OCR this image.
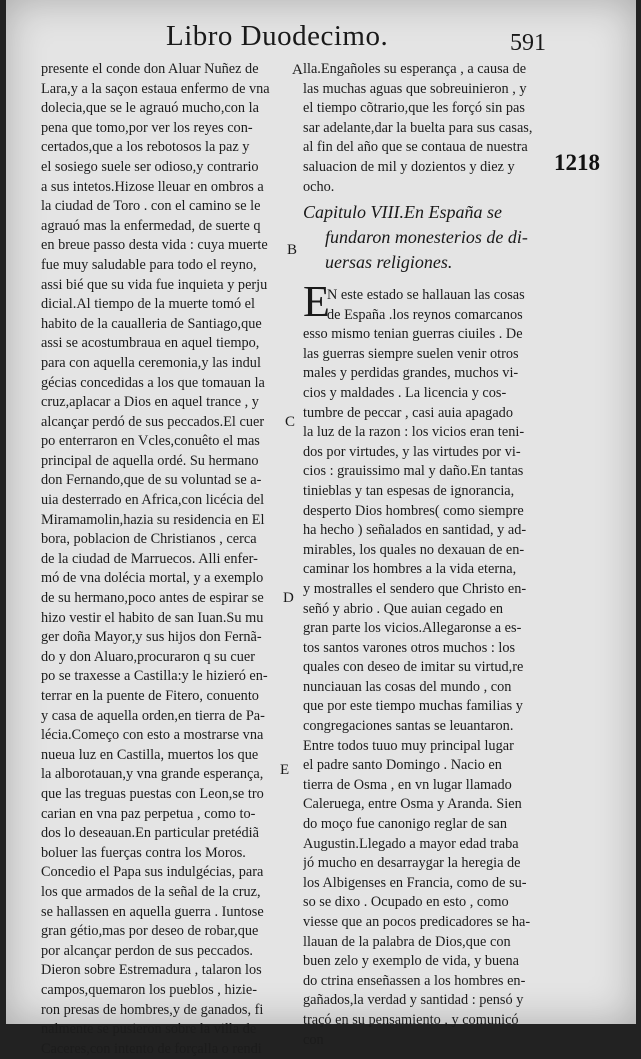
Libro Duodecimo.	591
1218
A
B
C
D
E
presente el conde don Aluar Nuñez de
Lara,y a la saçon estaua enfermo de vna
dolecia,que se le agrauó mucho,con la
pena que tomo,por ver los reyes con-
certados,que a los rebotosos la paz y
el sosiego suele ser odioso,y contrario
a sus intetos.Hizose lleuar en ombros a
la ciudad de Toro . con el camino se le
agrauó mas la enfermedad, de suerte q
en breue passo desta vida : cuya muerte
fue muy saludable para todo el reyno,
assi bié que su vida fue inquieta y perju
dicial.Al tiempo de la muerte tomó el
habito de la caualleria de Santiago,que
assi se acostumbraua en aquel tiempo,
para con aquella ceremonia,y las indul
gécias concedidas a los que tomauan la
cruz,aplacar a Dios en aquel trance , y
alcançar perdó de sus peccados.El cuer
po enterraron en Vcles,conuêto el mas
principal de aquella ordé. Su hermano
don Fernando,que de su voluntad se a-
uia desterrado en Africa,con licécia del
Miramamolin,hazia su residencia en El
bora, poblacion de Christianos , cerca
de la ciudad de Marruecos. Alli enfer-
mó de vna dolécia mortal, y a exemplo
de su hermano,poco antes de espirar se
hizo vestir el habito de san Iuan.Su mu
ger doña Mayor,y sus hijos don Fernã-
do y don Aluaro,procuraron q su cuer
po se traxesse a Castilla:y le hizieró en-
terrar en la puente de Fitero, conuento
y casa de aquella orden,en tierra de Pa-
lécia.Começo con esto a mostrarse vna
nueua luz en Castilla, muertos los que
la alborotauan,y vna grande esperança,
que las treguas puestas con Leon,se tro
carian en vna paz perpetua , como to-
dos lo deseauan.En particular pretédiã
boluer las fuerças contra los Moros.
Concedio el Papa sus indulgécias, para
los que armados de la señal de la cruz,
se hallassen en aquella guerra . Iuntose
gran gétio,mas por deseo de robar,que
por alcançar perdon de sus peccados.
Dieron sobre Estremadura , talaron los
campos,quemaron los pueblos , hizie-
ron presas de hombres,y de ganados, fi
nalmente se pusieron sobre la villa de
Caceres,con intento de forçalla o rendi
lla.Engañoles su esperança , a causa de
las muchas aguas que sobreuinieron , y
el tiempo cõtrario,que les forçó sin pas
sar adelante,dar la buelta para sus casas,
al fin del año que se contaua de nuestra
saluacion de mil y dozientos y diez y
ocho.
Capitulo VIII.En España se
fundaron monesterios de di-
uersas religiones.
E
N este estado se hallauan las cosas
de España .los reynos comarcanos
esso mismo tenian guerras ciuiles . De
las guerras siempre suelen venir otros
males y perdidas grandes, muchos vi-
cios y maldades . La licencia y cos-
tumbre de peccar , casi auia apagado
la luz de la razon : los vicios eran teni-
dos por virtudes, y las virtudes por vi-
cios : grauissimo mal y daño.En tantas
tinieblas y tan espesas de ignorancia,
desperto Dios hombres( como siempre
ha hecho ) señalados en santidad, y ad-
mirables, los quales no dexauan de en-
caminar los hombres a la vida eterna,
y mostralles el sendero que Christo en-
señó y abrio . Que auian cegado en
gran parte los vicios.Allegaronse a es-
tos santos varones otros muchos : los
quales con deseo de imitar su virtud,re
nunciauan las cosas del mundo , con
que por este tiempo muchas familias y
congregaciones santas se leuantaron.
Entre todos tuuo muy principal lugar
el padre santo Domingo . Nacio en
tierra de Osma , en vn lugar llamado
Caleruega, entre Osma y Aranda. Sien
do moço fue canonigo reglar de san
Augustin.Llegado a mayor edad traba
jó mucho en desarraygar la heregia de
los Albigenses en Francia, como de su-
so se dixo . Ocupado en esto , como
viesse que an pocos predicadores se ha-
llauan de la palabra de Dios,que con
buen zelo y exemplo de vida, y buena
do ctrina enseñassen a los hombres en-
gañados,la verdad y santidad : pensó y
traçó en su pensamiento , y comunicó
con
